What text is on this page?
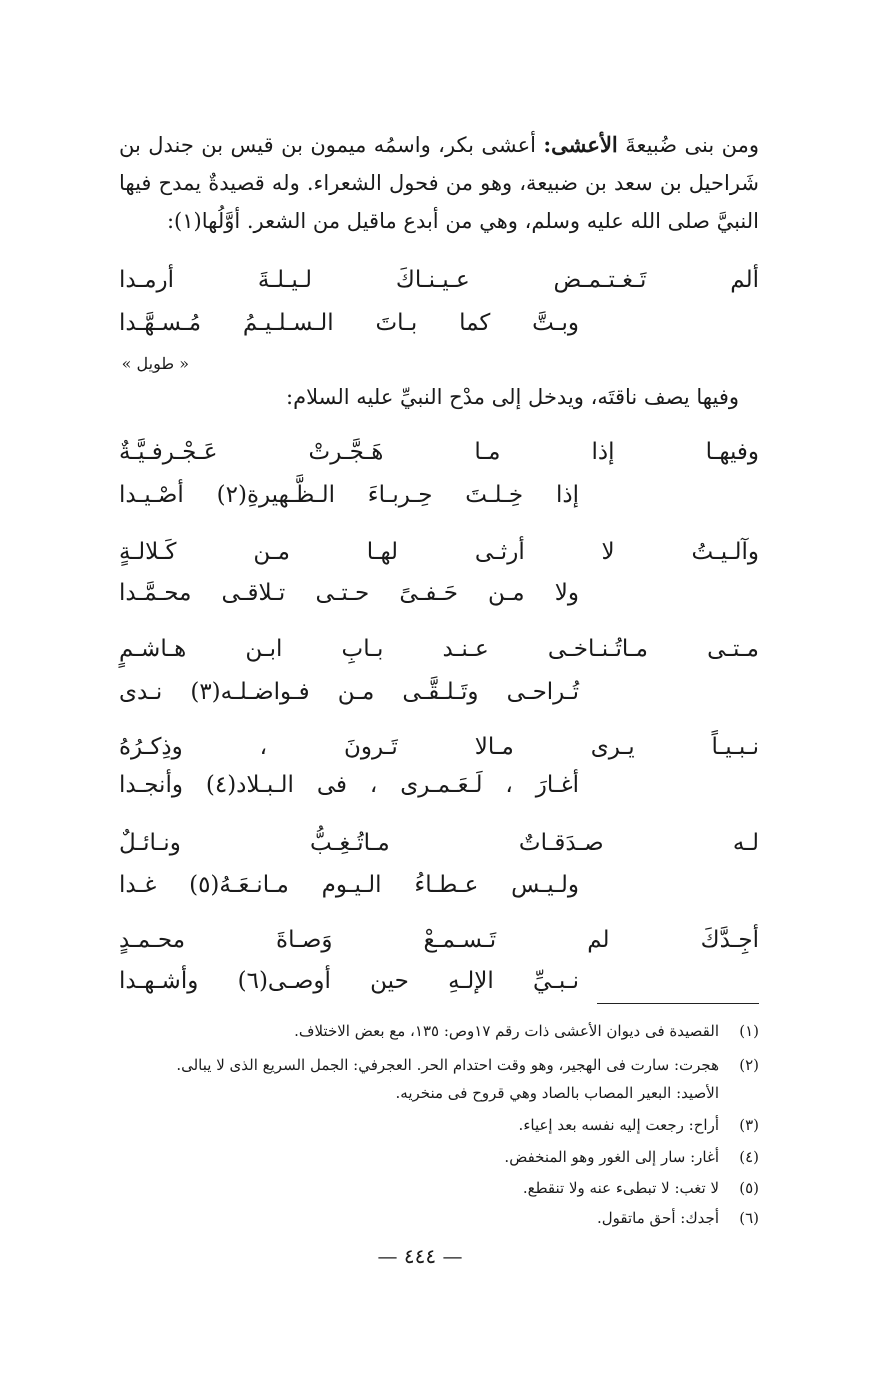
ومن بنى ضُبيعةَ الأعشى: أعشى بكر، واسمُه ميمون بن قيس بن جندل بن شَراحيل بن سعد بن ضبيعة، وهو من فحول الشعراء. وله قصيدةٌ يمدح فيها النبيَّ صلى الله عليه وسلم، وهي من أبدع ماقيل من الشعر. أوَّلُها(١):

ألم تَـغـتـمـض عـيـنـاكَ لـيـلـةَ أرمـدا
وبـتَّ كما بـاتَ الـسـلـيـمُ مُـسـهَّـدا
« طويل »
وفيها يصف ناقتَه، ويدخل إلى مدْح النبيِّ عليه السلام:
وفيهـا إذا مـا هَـجَّـرتْ عَـجْـرفـيَّـةٌ
إذا خِـلـتَ حِـربـاءَ الـظَّـهيرةِ(٢) أصْـيـدا
وآلـيـتُ لا أرثـى لهـا مـن كَـلالـةٍ
ولا مـن حَـفـىً حـتـى تـلاقـى محـمَّـدا
مـتـى مـاتُـنـاخـى عـنـد بـابِ ابـن هـاشـمٍ
تُـراحـى وتَـلـقَّـى مـن فـواضـلـه(٣) نـدى
نـبـيـاً يـرى مـالا تَـرونَ ، وذِكـرُهُ
أغـارَ ، لَـعَـمـرى ، فى الـبـلاد(٤) وأنجـدا
لـه صـدَقـاتٌ مـاتُـغِـبُّ ونـائـلٌ
ولـيـس عـطـاءُ الـيـوم مـانـعَـهُ(٥) غـدا
أجِـدَّكَ لم تَـسـمـعْ وَصـاةَ محـمـدٍ
نـبـيِّ الإلـهِ حين أوصـى(٦) وأشـهـدا
(١)القصيدة فى ديوان الأعشى ذات رقم ١٧وص: ١٣٥، مع بعض الاختلاف.
(٢)هجرت: سارت فى الهجير، وهو وقت احتدام الحر. العجرفي: الجمل السريع الذى لا يبالى.
الأصيد: البعير المصاب بالصاد وهي قروح فى منخريه.
(٣)أراح: رجعت إليه نفسه بعد إعياء.
(٤)أغار: سار إلى الغور وهو المنخفض.
(٥)لا تغب: لا تبطىء عنه ولا تنقطع.
(٦)أجدك: أحق ماتقول.
— ٤٤٤ —
